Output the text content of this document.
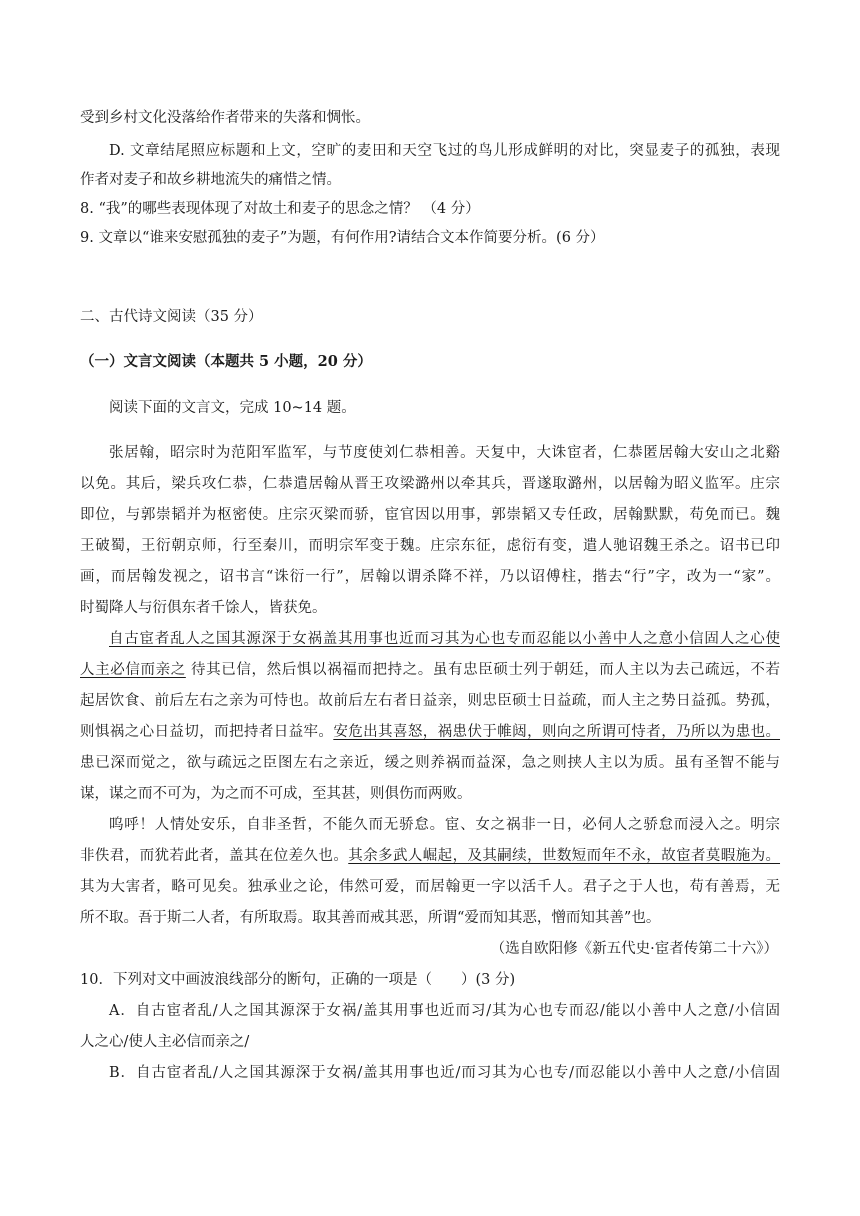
受到乡村文化没落给作者带来的失落和惆怅。
D. 文章结尾照应标题和上文，空旷的麦田和天空飞过的鸟儿形成鲜明的对比，突显麦子的孤独，表现
作者对麦子和故乡耕地流失的痛惜之情。
8. “我”的哪些表现体现了对故土和麦子的思念之情？ （4 分）
9. 文章以“谁来安慰孤独的麦子”为题，有何作用?请结合文本作简要分析。(6 分）
二、古代诗文阅读（35 分）
（一）文言文阅读（本题共 5 小题，20 分）
阅读下面的文言文，完成 10~14 题。
张居翰，昭宗时为范阳军监军，与节度使刘仁恭相善。天复中，大诛宦者，仁恭匿居翰大安山之北谿
以免。其后，梁兵攻仁恭，仁恭遣居翰从晋王攻梁潞州以牵其兵，晋遂取潞州，以居翰为昭义监军。庄宗
即位，与郭崇韬并为枢密使。庄宗灭梁而骄，宦官因以用事，郭崇韬又专任政，居翰默默，苟免而已。魏
王破蜀，王衍朝京师，行至秦川，而明宗军变于魏。庄宗东征，虑衍有变，遣人驰诏魏王杀之。诏书已印
画，而居翰发视之，诏书言“诛衍一行”，居翰以谓杀降不祥，乃以诏傅柱，揩去“行”字，改为一“家”。
时蜀降人与衍俱东者千馀人，皆获免。
自古宦者乱人之国其源深于女祸盖其用事也近而习其为心也专而忍能以小善中人之意小信固人之心使
人主必信而亲之 待其已信，然后惧以祸福而把持之。虽有忠臣硕士列于朝廷，而人主以为去己疏远，不若
起居饮食、前后左右之亲为可恃也。故前后左右者日益亲，则忠臣硕士日益疏，而人主之势日益孤。势孤，
则惧祸之心日益切，而把持者日益牢。安危出其喜怒，祸患伏于帷闼，则向之所谓可恃者，乃所以为患也。
患已深而觉之，欲与疏远之臣图左右之亲近，缓之则养祸而益深，急之则挟人主以为质。虽有圣智不能与
谋，谋之而不可为，为之而不可成，至其甚，则俱伤而两败。
呜呼！人情处安乐，自非圣哲，不能久而无骄怠。宦、女之祸非一日，必伺人之骄怠而浸入之。明宗
非佚君，而犹若此者，盖其在位差久也。其余多武人崛起，及其嗣续，世数短而年不永，故宦者莫暇施为。
其为大害者，略可见矣。独承业之论，伟然可爱，而居翰更一字以活千人。君子之于人也，苟有善焉，无
所不取。吾于斯二人者，有所取焉。取其善而戒其恶，所谓“爱而知其恶，憎而知其善”也。
（选自欧阳修《新五代史·宦者传第二十六》）
10．下列对文中画波浪线部分的断句，正确的一项是（　　）(3 分)
A．自古宦者乱/人之国其源深于女祸/盖其用事也近而习/其为心也专而忍/能以小善中人之意/小信固
人之心/使人主必信而亲之/
B．自古宦者乱/人之国其源深于女祸/盖其用事也近/而习其为心也专/而忍能以小善中人之意/小信固
